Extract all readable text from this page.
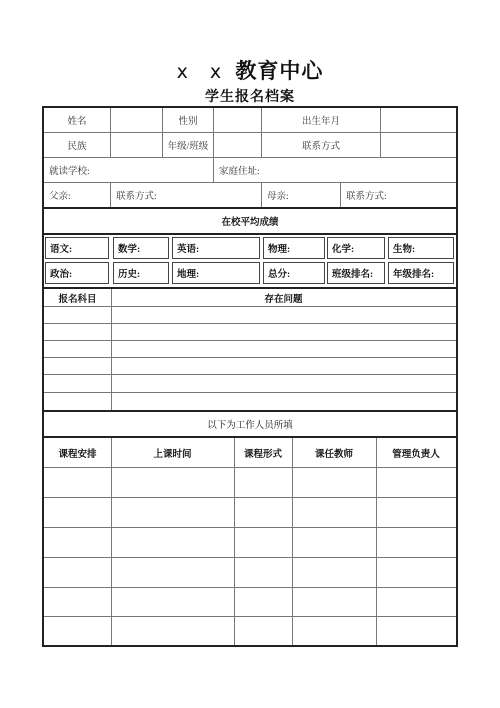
x x 教育中心
学生报名档案
姓名	性别	出生年月
民族	年级/班级	联系方式
就读学校:	家庭住址:
父亲:	联系方式:	母亲:	联系方式:
在校平均成绩
语文:	数学:	英语:	物理:	化学:	生物:
政治:	历史:	地理:	总分:	班级排名:	年级排名:
报名科目	存在问题
以下为工作人员所填
课程安排	上课时间	课程形式	课任教师	管理负责人
